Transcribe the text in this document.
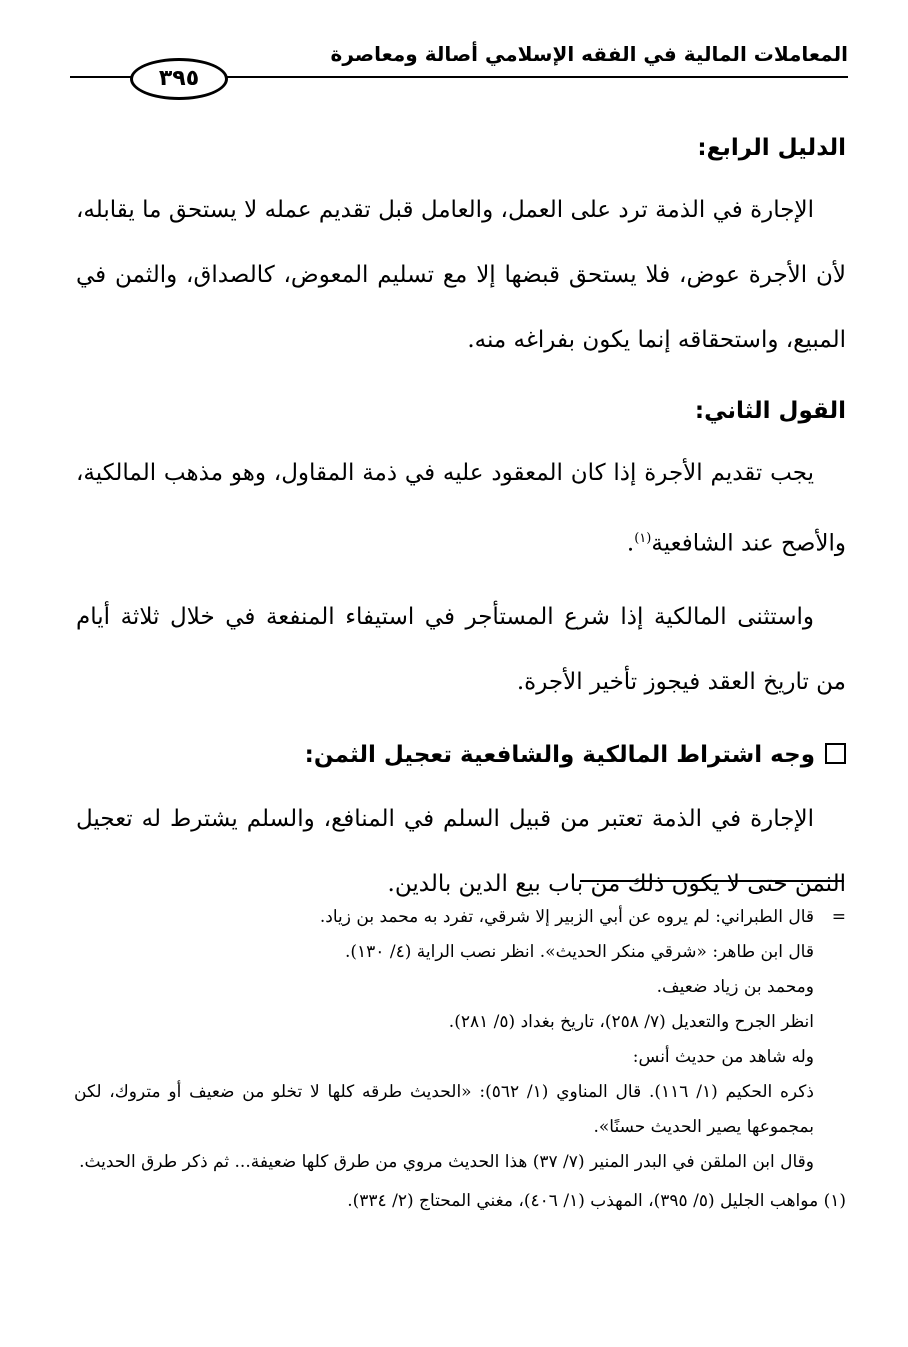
المعاملات المالية في الفقه الإسلامي أصالة ومعاصرة
٣٩٥

الدليل الرابع:

الإجارة في الذمة ترد على العمل، والعامل قبل تقديم عمله لا يستحق ما يقابله، لأن الأجرة عوض، فلا يستحق قبضها إلا مع تسليم المعوض، كالصداق، والثمن في المبيع، واستحقاقه إنما يكون بفراغه منه.

القول الثاني:

يجب تقديم الأجرة إذا كان المعقود عليه في ذمة المقاول، وهو مذهب المالكية، والأصح عند الشافعية$^{(١)}$.

واستثنى المالكية إذا شرع المستأجر في استيفاء المنفعة في خلال ثلاثة أيام من تاريخ العقد فيجوز تأخير الأجرة.

وجه اشتراط المالكية والشافعية تعجيل الثمن:

الإجارة في الذمة تعتبر من قبيل السلم في المنافع، والسلم يشترط له تعجيل الثمن حتى لا يكون ذلك من باب بيع الدين بالدين.

=

قال الطبراني: لم يروه عن أبي الزبير إلا شرقي، تفرد به محمد بن زياد.

قال ابن طاهر: «شرقي منكر الحديث». انظر نصب الراية (٤/ ١٣٠).

ومحمد بن زياد ضعيف.

انظر الجرح والتعديل (٧/ ٢٥٨)، تاريخ بغداد (٥/ ٢٨١).

وله شاهد من حديث أنس:

ذكره الحكيم (١/ ١١٦). قال المناوي (١/ ٥٦٢): «الحديث طرقه كلها لا تخلو من ضعيف أو متروك، لكن بمجموعها يصير الحديث حسنًا».

وقال ابن الملقن في البدر المنير (٧/ ٣٧) هذا الحديث مروي من طرق كلها ضعيفة... ثم ذكر طرق الحديث.

(١) مواهب الجليل (٥/ ٣٩٥)، المهذب (١/ ٤٠٦)، مغني المحتاج (٢/ ٣٣٤).
